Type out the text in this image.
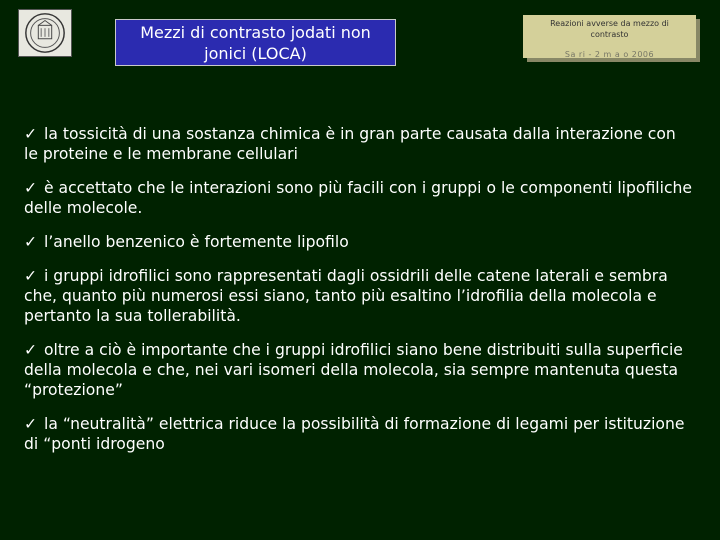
Mezzi di contrasto jodati non
jonici (LOCA)
Reazioni avverse da mezzo di
contrasto
Sa ri - 2 m a o 2006
✓ la tossicità di una sostanza chimica è in gran parte causata dalla interazione con le proteine e le membrane cellulari
✓ è accettato che le interazioni sono più facili con i gruppi o le componenti lipofiliche delle molecole.
✓ l’anello benzenico è fortemente lipofilo
✓ i gruppi idrofilici sono rappresentati dagli ossidrili delle catene laterali e sembra che, quanto più numerosi essi siano, tanto più esaltino l’idrofilia della molecola e pertanto la sua tollerabilità.
✓ oltre a ciò è importante che i gruppi idrofilici siano bene distribuiti sulla superficie della molecola e che, nei vari isomeri della molecola, sia sempre mantenuta questa “protezione”
✓ la “neutralità” elettrica riduce la possibilità di formazione di legami per istituzione di “ponti idrogeno
